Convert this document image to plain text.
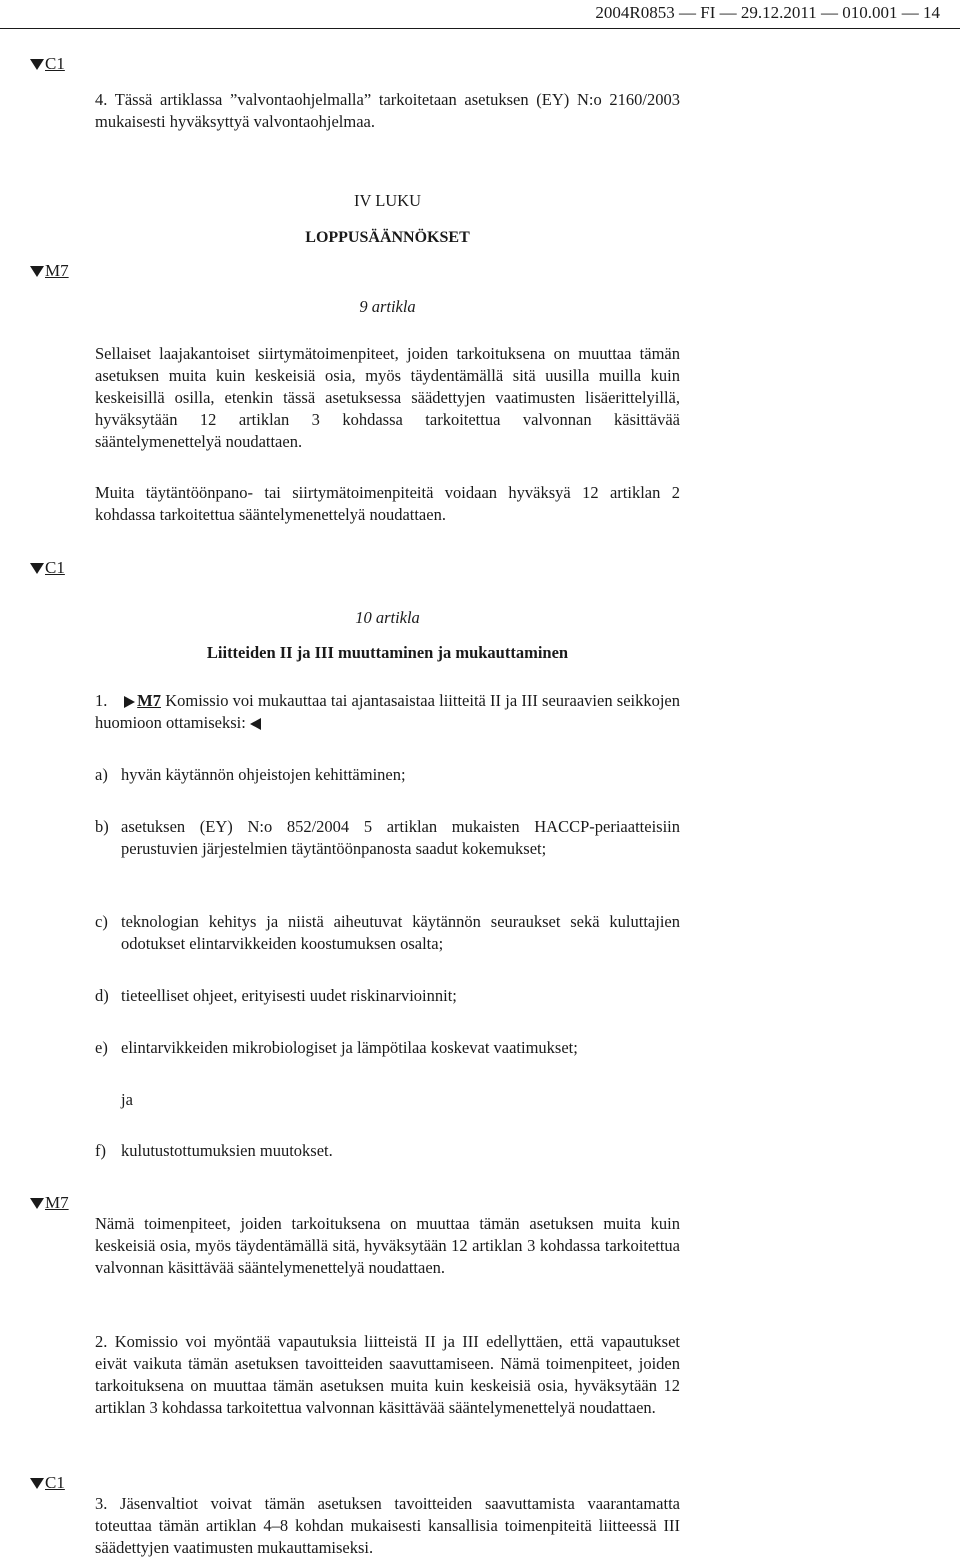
2004R0853 — FI — 29.12.2011 — 010.001 — 14
C1
4. Tässä artiklassa ”valvontaohjelmalla” tarkoitetaan asetuksen (EY) N:o 2160/2003 mukaisesti hyväksyttyä valvontaohjelmaa.
IV LUKU
LOPPUSÄÄNNÖKSET
M7
9 artikla
Sellaiset laajakantoiset siirtymätoimenpiteet, joiden tarkoituksena on muuttaa tämän asetuksen muita kuin keskeisiä osia, myös täydentämällä sitä uusilla muilla kuin keskeisillä osilla, etenkin tässä asetuksessa säädettyjen vaatimusten lisäerittelyillä, hyväksytään 12 artiklan 3 kohdassa tarkoitettua valvonnan käsittävää sääntelymenettelyä noudattaen.
Muita täytäntöönpano- tai siirtymätoimenpiteitä voidaan hyväksyä 12 artiklan 2 kohdassa tarkoitettua sääntelymenettelyä noudattaen.
C1
10 artikla
Liitteiden II ja III muuttaminen ja mukauttaminen
1. M7 Komissio voi mukauttaa tai ajantasaistaa liitteitä II ja III seuraavien seikkojen huomioon ottamiseksi:
a) hyvän käytännön ohjeistojen kehittäminen;
b) asetuksen (EY) N:o 852/2004 5 artiklan mukaisten HACCP-periaatteisiin perustuvien järjestelmien täytäntöönpanosta saadut kokemukset;
c) teknologian kehitys ja niistä aiheutuvat käytännön seuraukset sekä kuluttajien odotukset elintarvikkeiden koostumuksen osalta;
d) tieteelliset ohjeet, erityisesti uudet riskinarvioinnit;
e) elintarvikkeiden mikrobiologiset ja lämpötilaa koskevat vaatimukset;
ja
f) kulutustottumuksien muutokset.
M7
Nämä toimenpiteet, joiden tarkoituksena on muuttaa tämän asetuksen muita kuin keskeisiä osia, myös täydentämällä sitä, hyväksytään 12 artiklan 3 kohdassa tarkoitettua valvonnan käsittävää sääntelymenettelyä noudattaen.
2. Komissio voi myöntää vapautuksia liitteistä II ja III edellyttäen, että vapautukset eivät vaikuta tämän asetuksen tavoitteiden saavuttamiseen. Nämä toimenpiteet, joiden tarkoituksena on muuttaa tämän asetuksen muita kuin keskeisiä osia, hyväksytään 12 artiklan 3 kohdassa tarkoitettua valvonnan käsittävää sääntelymenettelyä noudattaen.
C1
3. Jäsenvaltiot voivat tämän asetuksen tavoitteiden saavuttamista vaarantamatta toteuttaa tämän artiklan 4–8 kohdan mukaisesti kansallisia toimenpiteitä liitteessä III säädettyjen vaatimusten mukauttamiseksi.
